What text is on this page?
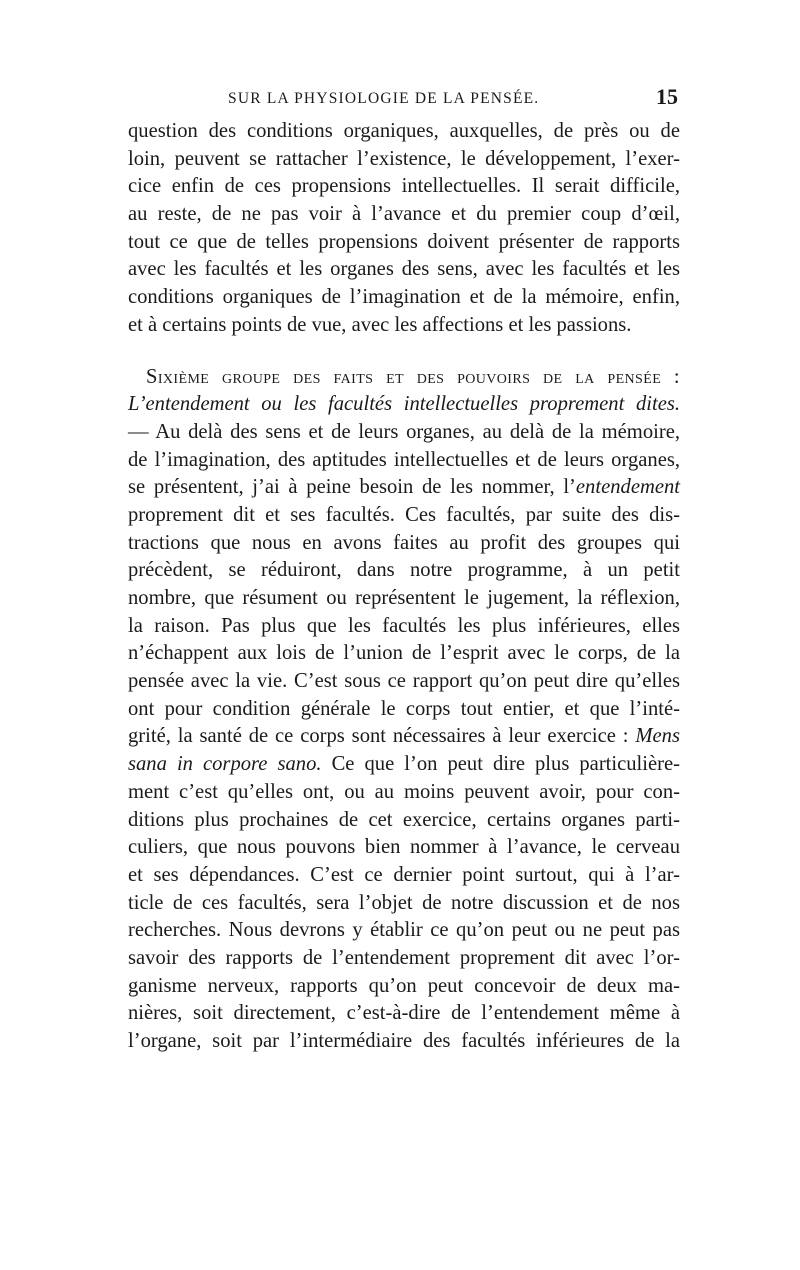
SUR LA PHYSIOLOGIE DE LA PENSÉE.	15
question des conditions organiques, auxquelles, de près ou de
loin, peuvent se rattacher l’existence, le développement, l’exer-
cice enfin de ces propensions intellectuelles. Il serait difficile,
au reste, de ne pas voir à l’avance et du premier coup d’œil,
tout ce que de telles propensions doivent présenter de rapports
avec les facultés et les organes des sens, avec les facultés et les
conditions organiques de l’imagination et de la mémoire, enfin,
et à certains points de vue, avec les affections et les passions.
Sixième groupe des faits et des pouvoirs de la pensée :
L’entendement ou les facultés intellectuelles proprement dites.
— Au delà des sens et de leurs organes, au delà de la mémoire,
de l’imagination, des aptitudes intellectuelles et de leurs organes,
se présentent, j’ai à peine besoin de les nommer, l’entendement
proprement dit et ses facultés. Ces facultés, par suite des dis-
tractions que nous en avons faites au profit des groupes qui
précèdent, se réduiront, dans notre programme, à un petit
nombre, que résument ou représentent le jugement, la réflexion,
la raison. Pas plus que les facultés les plus inférieures, elles
n’échappent aux lois de l’union de l’esprit avec le corps, de la
pensée avec la vie. C’est sous ce rapport qu’on peut dire qu’elles
ont pour condition générale le corps tout entier, et que l’inté-
grité, la santé de ce corps sont nécessaires à leur exercice : Mens
sana in corpore sano. Ce que l’on peut dire plus particulière-
ment c’est qu’elles ont, ou au moins peuvent avoir, pour con-
ditions plus prochaines de cet exercice, certains organes parti-
culiers, que nous pouvons bien nommer à l’avance, le cerveau
et ses dépendances. C’est ce dernier point surtout, qui à l’ar-
ticle de ces facultés, sera l’objet de notre discussion et de nos
recherches. Nous devrons y établir ce qu’on peut ou ne peut pas
savoir des rapports de l’entendement proprement dit avec l’or-
ganisme nerveux, rapports qu’on peut concevoir de deux ma-
nières, soit directement, c’est-à-dire de l’entendement même à
l’organe, soit par l’intermédiaire des facultés inférieures de la
